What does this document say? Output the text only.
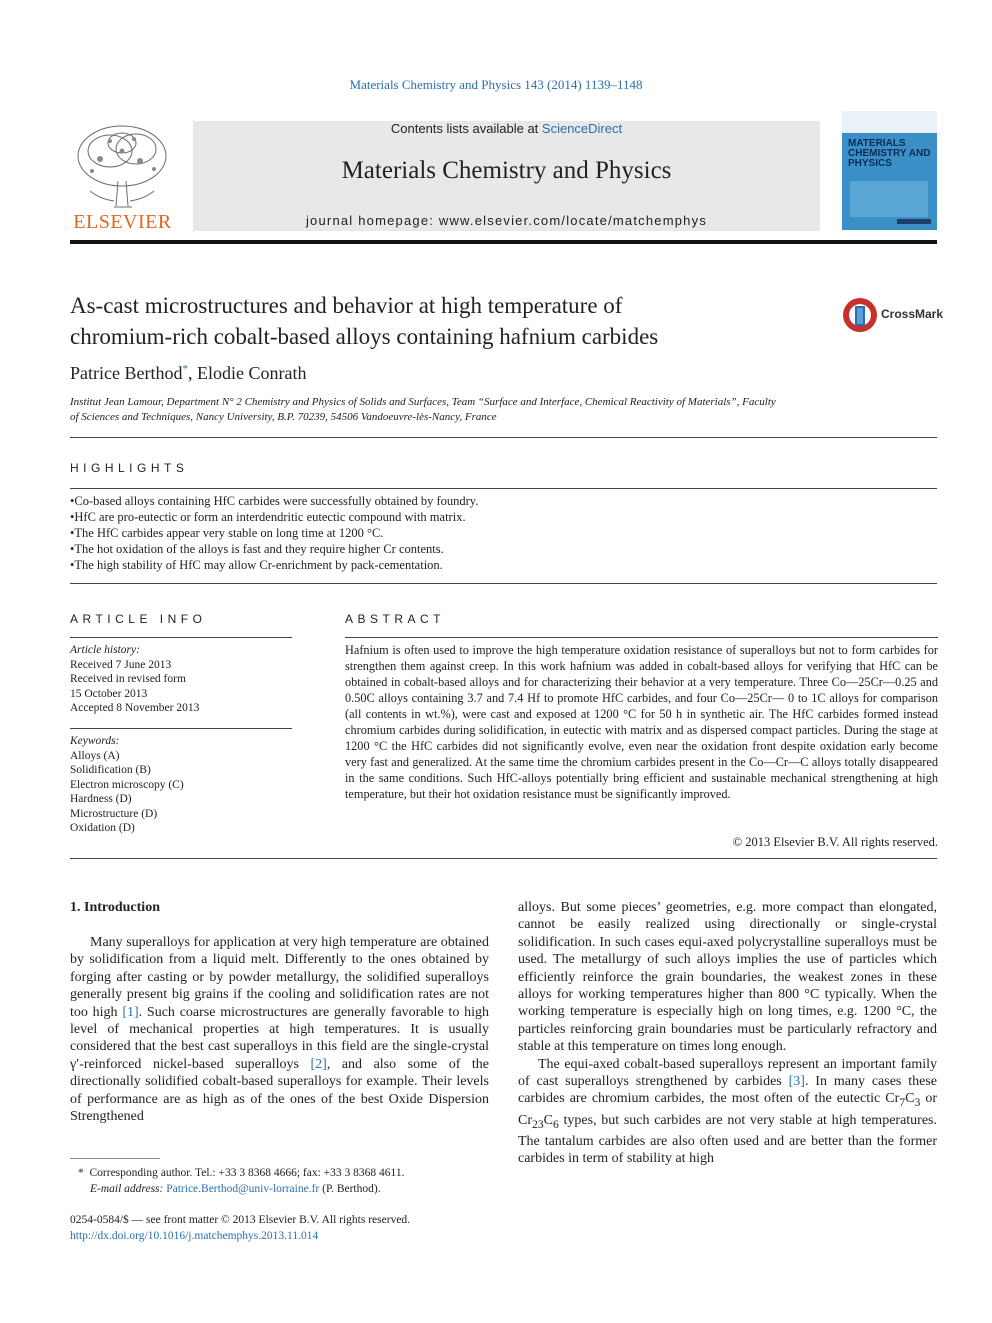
Materials Chemistry and Physics 143 (2014) 1139–1148
ELSEVIER
Contents lists available at ScienceDirect
Materials Chemistry and Physics
journal homepage: www.elsevier.com/locate/matchemphys
MATERIALS CHEMISTRY AND PHYSICS
As-cast microstructures and behavior at high temperature of
chromium-rich cobalt-based alloys containing hafnium carbides
CrossMark
Patrice Berthod*, Elodie Conrath
Institut Jean Lamour, Department N° 2 Chemistry and Physics of Solids and Surfaces, Team “Surface and Interface, Chemical Reactivity of Materials”, Faculty
of Sciences and Techniques, Nancy University, B.P. 70239, 54506 Vandoeuvre-lès-Nancy, France
HIGHLIGHTS
•Co-based alloys containing HfC carbides were successfully obtained by foundry.
•HfC are pro-eutectic or form an interdendritic eutectic compound with matrix.
•The HfC carbides appear very stable on long time at 1200 °C.
•The hot oxidation of the alloys is fast and they require higher Cr contents.
•The high stability of HfC may allow Cr-enrichment by pack-cementation.
ARTICLE INFO
Article history:
Received 7 June 2013
Received in revised form
15 October 2013
Accepted 8 November 2013
Keywords:
Alloys (A)
Solidification (B)
Electron microscopy (C)
Hardness (D)
Microstructure (D)
Oxidation (D)
ABSTRACT
Hafnium is often used to improve the high temperature oxidation resistance of superalloys but not to form carbides for strengthen them against creep. In this work hafnium was added in cobalt-based alloys for verifying that HfC can be obtained in cobalt-based alloys and for characterizing their behavior at a very temperature. Three Co—25Cr—0.25 and 0.50C alloys containing 3.7 and 7.4 Hf to promote HfC carbides, and four Co—25Cr— 0 to 1C alloys for comparison (all contents in wt.%), were cast and exposed at 1200 °C for 50 h in synthetic air. The HfC carbides formed instead chromium carbides during solidification, in eutectic with matrix and as dispersed compact particles. During the stage at 1200 °C the HfC carbides did not significantly evolve, even near the oxidation front despite oxidation early become very fast and generalized. At the same time the chromium carbides present in the Co—Cr—C alloys totally disappeared in the same conditions. Such HfC-alloys potentially bring efficient and sustainable mechanical strengthening at high temperature, but their hot oxidation resistance must be significantly improved.
© 2013 Elsevier B.V. All rights reserved.
1. Introduction

Many superalloys for application at very high temperature are obtained by solidification from a liquid melt. Differently to the ones obtained by forging after casting or by powder metallurgy, the solidified superalloys generally present big grains if the cooling and solidification rates are not too high [1]. Such coarse microstructures are generally favorable to high level of mechanical properties at high temperatures. It is usually considered that the best cast superalloys in this field are the single-crystal γ′-reinforced nickel-based superalloys [2], and also some of the directionally solidified cobalt-based superalloys for example. Their levels of performance are as high as of the ones of the best Oxide Dispersion Strengthened

alloys. But some pieces’ geometries, e.g. more compact than elongated, cannot be easily realized using directionally or single-crystal solidification. In such cases equi-axed polycrystalline superalloys must be used. The metallurgy of such alloys implies the use of particles which efficiently reinforce the grain boundaries, the weakest zones in these alloys for working temperatures higher than 800 °C typically. When the working temperature is especially high on long times, e.g. 1200 °C, the particles reinforcing grain boundaries must be particularly refractory and stable at this temperature on times long enough.

The equi-axed cobalt-based superalloys represent an important family of cast superalloys strengthened by carbides [3]. In many cases these carbides are chromium carbides, the most often of the eutectic $Cr_7C_3$ or $Cr_{23}C_6$ types, but such carbides are not very stable at high temperatures. The tantalum carbides are also often used and are better than the former carbides in term of stability at high

* Corresponding author. Tel.: +33 3 8368 4666; fax: +33 3 8368 4611.
E-mail address: Patrice.Berthod@univ-lorraine.fr (P. Berthod).
0254-0584/$ — see front matter © 2013 Elsevier B.V. All rights reserved.
http://dx.doi.org/10.1016/j.matchemphys.2013.11.014
